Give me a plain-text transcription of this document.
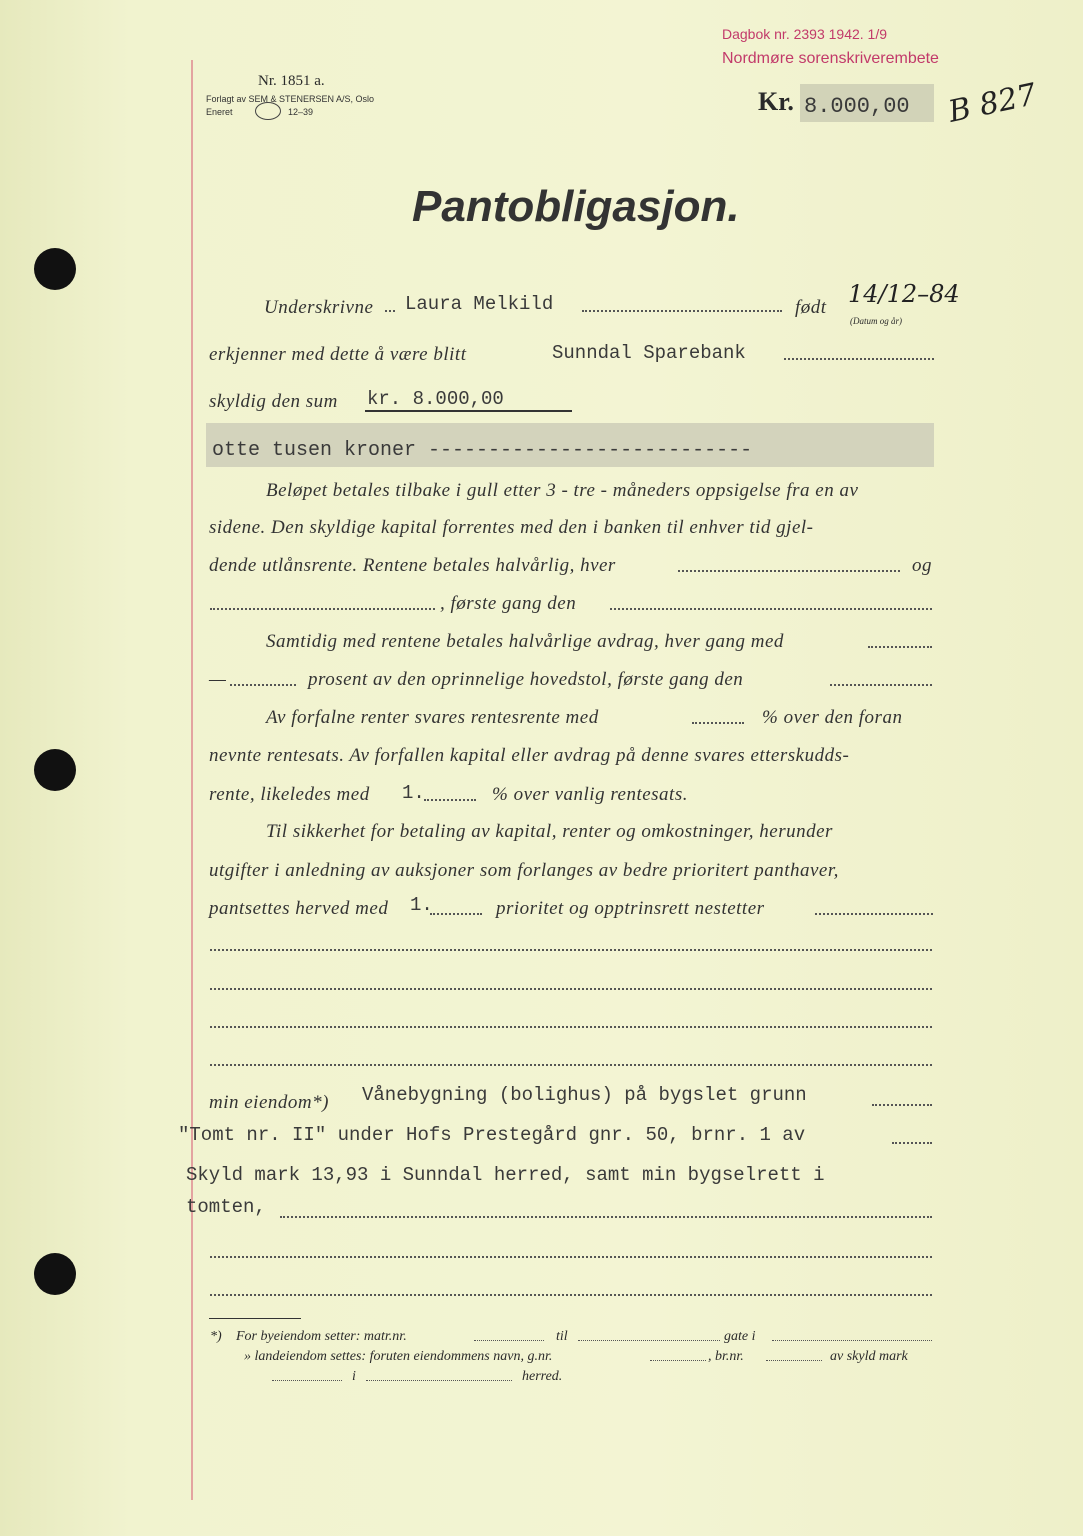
Nr. 1851 a.
Forlagt av SEM & STENERSEN A/S, Oslo
Eneret	12–39
Dagbok nr. 2393 1942. 1/9
Nordmøre sorenskriverembete
Kr. 8.000,00 B 827
Pantobligasjon.
Underskrivne Laura Melkild	født 14/12–84
(Datum og år)
erkjenner med dette å være blitt	Sunndal Sparebank
skyldig den sum kr. 8.000,00
otte tusen kroner ---------------------------
Beløpet betales tilbake i gull etter 3 - tre - måneders oppsigelse fra en av
sidene. Den skyldige kapital forrentes med den i banken til enhver tid gjel-
dende utlånsrente. Rentene betales halvårlig, hver	og
, første gang den
Samtidig med rentene betales halvårlige avdrag, hver gang med
—	prosent av den oprinnelige hovedstol, første gang den
Av forfalne renter svares rentesrente med	% over den foran
nevnte rentesats. Av forfallen kapital eller avdrag på denne svares etterskudds-
rente, likeledes med 1.	% over vanlig rentesats.
Til sikkerhet for betaling av kapital, renter og omkostninger, herunder
utgifter i anledning av auksjoner som forlanges av bedre prioritert panthaver,
pantsettes herved med 1.	prioritet og opptrinsrett nestetter
min eiendom*) Vånebygning (bolighus) på bygslet grunn
"Tomt nr. II" under Hofs Prestegård gnr. 50, brnr. 1 av
Skyld mark 13,93 i Sunndal herred, samt min bygselrett i
tomten,
*) For byeiendom setter: matr.nr.	til	gate i
» landeiendom settes: foruten eiendommens navn, g.nr.	, br.nr.	av skyld mark
i	herred.
